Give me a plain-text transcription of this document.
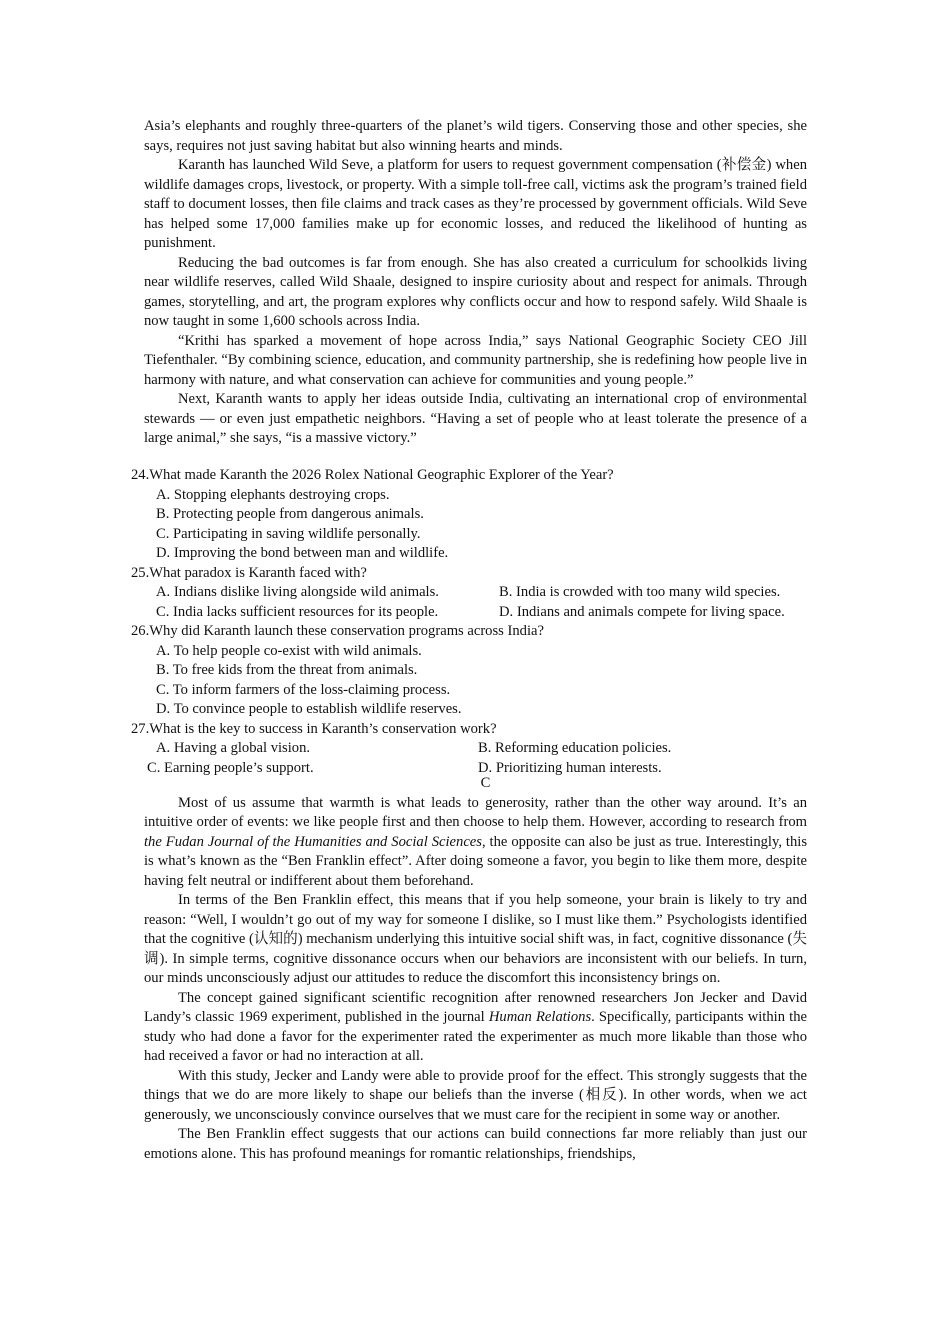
Asia’s elephants and roughly three-quarters of the planet’s wild tigers. Conserving those and other species, she says, requires not just saving habitat but also winning hearts and minds.

Karanth has launched Wild Seve, a platform for users to request government compensation (补偿金) when wildlife damages crops, livestock, or property. With a simple toll-free call, victims ask the program’s trained field staff to document losses, then file claims and track cases as they’re processed by government officials. Wild Seve has helped some 17,000 families make up for economic losses, and reduced the likelihood of hunting as punishment.

Reducing the bad outcomes is far from enough. She has also created a curriculum for schoolkids living near wildlife reserves, called Wild Shaale, designed to inspire curiosity about and respect for animals. Through games, storytelling, and art, the program explores why conflicts occur and how to respond safely. Wild Shaale is now taught in some 1,600 schools across India.

“Krithi has sparked a movement of hope across India,” says National Geographic Society CEO Jill Tiefenthaler. “By combining science, education, and community partnership, she is redefining how people live in harmony with nature, and what conservation can achieve for communities and young people.”

Next, Karanth wants to apply her ideas outside India, cultivating an international crop of environmental stewards — or even just empathetic neighbors. “Having a set of people who at least tolerate the presence of a large animal,” she says, “is a massive victory.”

24.What made Karanth the 2026 Rolex National Geographic Explorer of the Year?

A. Stopping elephants destroying crops.

B. Protecting people from dangerous animals.

C. Participating in saving wildlife personally.

D. Improving the bond between man and wildlife.

25.What paradox is Karanth faced with?

A. Indians dislike living alongside wild animals.	B. India is crowded with too many wild species.
C. India lacks sufficient resources for its people.	D. Indians and animals compete for living space.

26.Why did Karanth launch these conservation programs across India?

A. To help people co-exist with wild animals.

B. To free kids from the threat from animals.

C. To inform farmers of the loss-claiming process.

D. To convince people to establish wildlife reserves.

27.What is the key to success in Karanth’s conservation work?

A. Having a global vision.	B. Reforming education policies.
C. Earning people’s support.	D. Prioritizing human interests.

C

Most of us assume that warmth is what leads to generosity, rather than the other way around. It’s an intuitive order of events: we like people first and then choose to help them. However, according to research from the Fudan Journal of the Humanities and Social Sciences, the opposite can also be just as true. Interestingly, this is what’s known as the “Ben Franklin effect”. After doing someone a favor, you begin to like them more, despite having felt neutral or indifferent about them beforehand.

In terms of the Ben Franklin effect, this means that if you help someone, your brain is likely to try and reason: “Well, I wouldn’t go out of my way for someone I dislike, so I must like them.” Psychologists identified that the cognitive (认知的) mechanism underlying this intuitive social shift was, in fact, cognitive dissonance (失调). In simple terms, cognitive dissonance occurs when our behaviors are inconsistent with our beliefs. In turn, our minds unconsciously adjust our attitudes to reduce the discomfort this inconsistency brings on.

The concept gained significant scientific recognition after renowned researchers Jon Jecker and David Landy’s classic 1969 experiment, published in the journal Human Relations. Specifically, participants within the study who had done a favor for the experimenter rated the experimenter as much more likable than those who had received a favor or had no interaction at all.

With this study, Jecker and Landy were able to provide proof for the effect. This strongly suggests that the things that we do are more likely to shape our beliefs than the inverse (相反). In other words, when we act generously, we unconsciously convince ourselves that we must care for the recipient in some way or another.

The Ben Franklin effect suggests that our actions can build connections far more reliably than just our emotions alone. This has profound meanings for romantic relationships, friendships,
